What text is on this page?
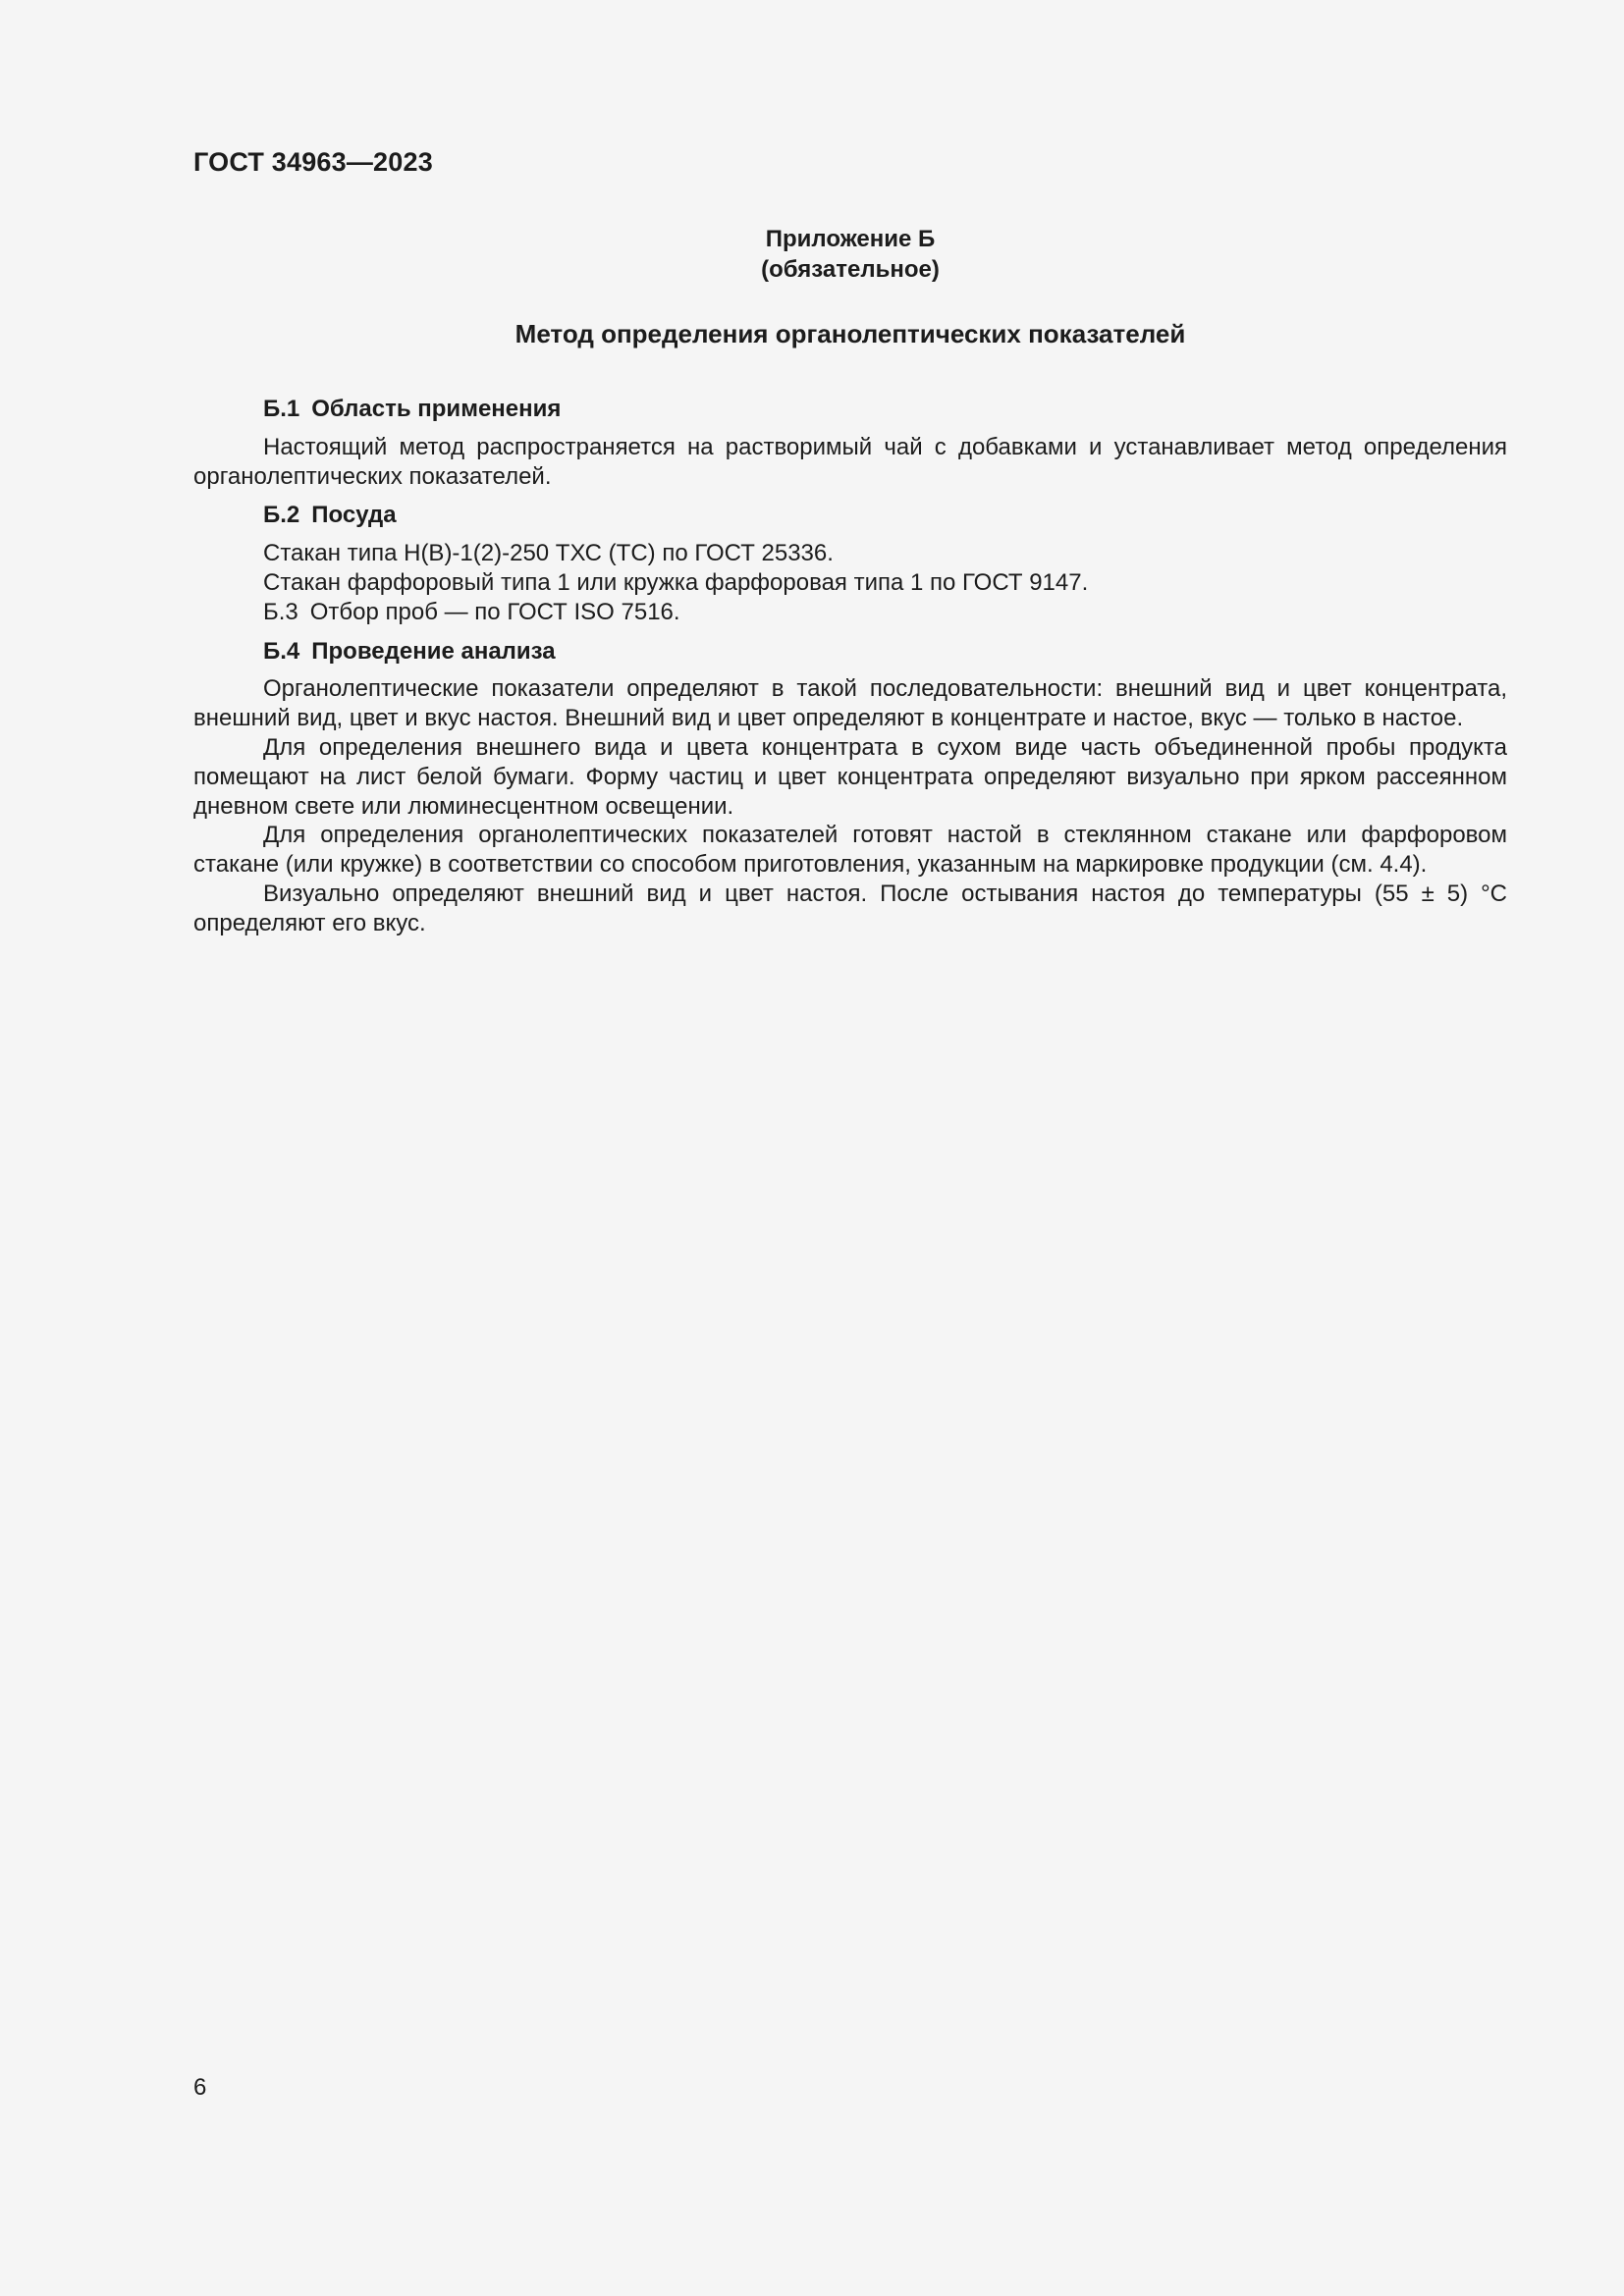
ГОСТ 34963—2023
Приложение Б
(обязательное)
Метод определения органолептических показателей

Б.1 Область применения

Настоящий метод распространяется на растворимый чай с добавками и устанавливает метод определения органолептических показателей.

Б.2 Посуда

Стакан типа Н(В)-1(2)-250 ТХС (ТС) по ГОСТ 25336.

Стакан фарфоровый типа 1 или кружка фарфоровая типа 1 по ГОСТ 9147.

Б.3 Отбор проб — по ГОСТ ISO 7516.

Б.4 Проведение анализа

Органолептические показатели определяют в такой последовательности: внешний вид и цвет концентрата, внешний вид, цвет и вкус настоя. Внешний вид и цвет определяют в концентрате и настое, вкус — только в настое.

Для определения внешнего вида и цвета концентрата в сухом виде часть объединенной пробы продукта помещают на лист белой бумаги. Форму частиц и цвет концентрата определяют визуально при ярком рассеянном дневном свете или люминесцентном освещении.

Для определения органолептических показателей готовят настой в стеклянном стакане или фарфоровом стакане (или кружке) в соответствии со способом приготовления, указанным на маркировке продукции (см. 4.4).

Визуально определяют внешний вид и цвет настоя. После остывания настоя до температуры (55 ± 5) °С определяют его вкус.

6
